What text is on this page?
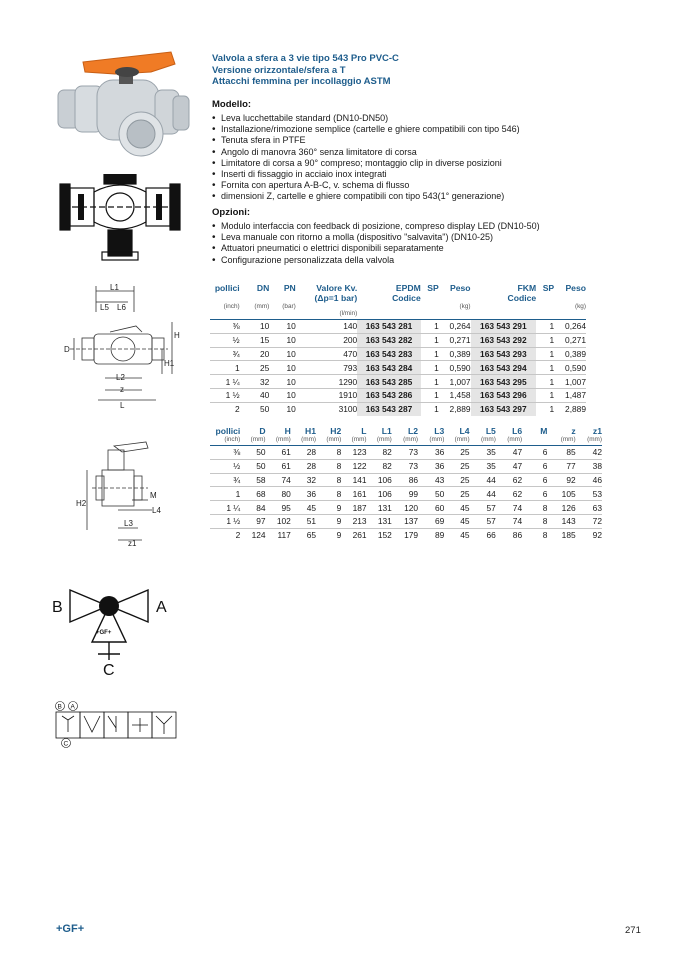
Valvola a sfera a 3 vie tipo 543 Pro PVC-C
Versione orizzontale/sfera a T
Attacchi femmina per incollaggio ASTM
Modello:
• Leva lucchettabile standard (DN10-DN50)
• Installazione/rimozione semplice (cartelle e ghiere compatibili con tipo 546)
• Tenuta sfera in PTFE
• Angolo di manovra 360° senza limitatore di corsa
• Limitatore di corsa a 90° compreso; montaggio clip in diverse posizioni
• Inserti di fissaggio in acciaio inox integrati
• Fornita con apertura A-B-C, v. schema di flusso
• dimensioni Z, cartelle e ghiere compatibili con tipo 543(1° generazione)
Opzioni:
• Modulo interfaccia con feedback di posizione, compreso display LED (DN10-50)
• Leva manuale con ritorno a molla (dispositivo "salvavita") (DN10-25)
• Attuatori pneumatici o elettrici disponibili separatamente
• Configurazione personalizzata della valvola
L1
L5 L6
H
D
H1
L2
z
L
H2
M
L4
L3
z1
B	A
C
+GF+
B A
C
pollici	DN	PN	Valore Kv.	EPDM	SP	Peso	FKM	SP	Peso
			(Δp=1 bar)	Codice			Codice		
(inch)	(mm)	(bar)				(kg)			(kg)
			(l/min)						

⅜	10	10	140	163 543 281	1	0,264	163 543 291	1	0,264
½	15	10	200	163 543 282	1	0,271	163 543 292	1	0,271
¾	20	10	470	163 543 283	1	0,389	163 543 293	1	0,389
1	25	10	793	163 543 284	1	0,590	163 543 294	1	0,590
1 ¼	32	10	1290	163 543 285	1	1,007	163 543 295	1	1,007
1 ½	40	10	1910	163 543 286	1	1,458	163 543 296	1	1,487
2	50	10	3100	163 543 287	1	2,889	163 543 297	1	2,889
pollici	D	H	H1	H2	L	L1	L2	L3	L4	L5	L6	M	z	z1
(inch)	(mm)	(mm)	(mm)	(mm)	(mm)	(mm)	(mm)	(mm)	(mm)	(mm)	(mm)		(mm)	(mm)

⅜	50	61	28	8	123	82	73	36	25	35	47	6	85	42
½	50	61	28	8	122	82	73	36	25	35	47	6	77	38
¾	58	74	32	8	141	106	86	43	25	44	62	6	92	46
1	68	80	36	8	161	106	99	50	25	44	62	6	105	53
1 ¼	84	95	45	9	187	131	120	60	45	57	74	8	126	63
1 ½	97	102	51	9	213	131	137	69	45	57	74	8	143	72
2	124	117	65	9	261	152	179	89	45	66	86	8	185	92
+GF+	271
